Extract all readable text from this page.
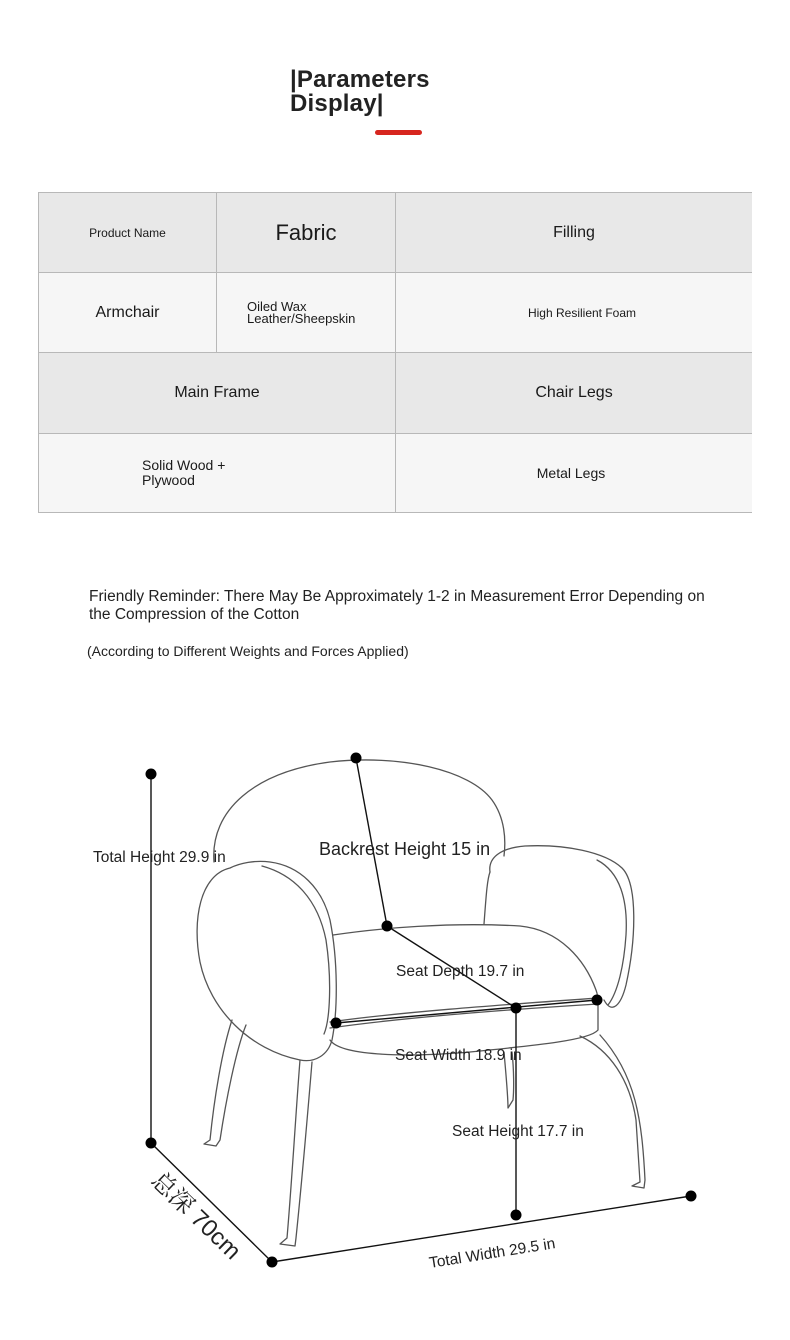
|Parameters Display|
Product Name	Fabric	Filling
Armchair	Oiled Wax Leather/Sheepskin	High Resilient Foam
Main Frame	Chair Legs
Solid Wood + Plywood	Metal Legs
Friendly Reminder: There May Be Approximately 1-2 in Measurement Error Depending on the Compression of the Cotton
(According to Different Weights and Forces Applied)
Total Height 29.9 in	Backrest Height 15 in
Seat Depth 19.7 in
Seat Width 18.9 in
Seat Height 17.7 in
Total Width 29.5 in
总深 70cm
